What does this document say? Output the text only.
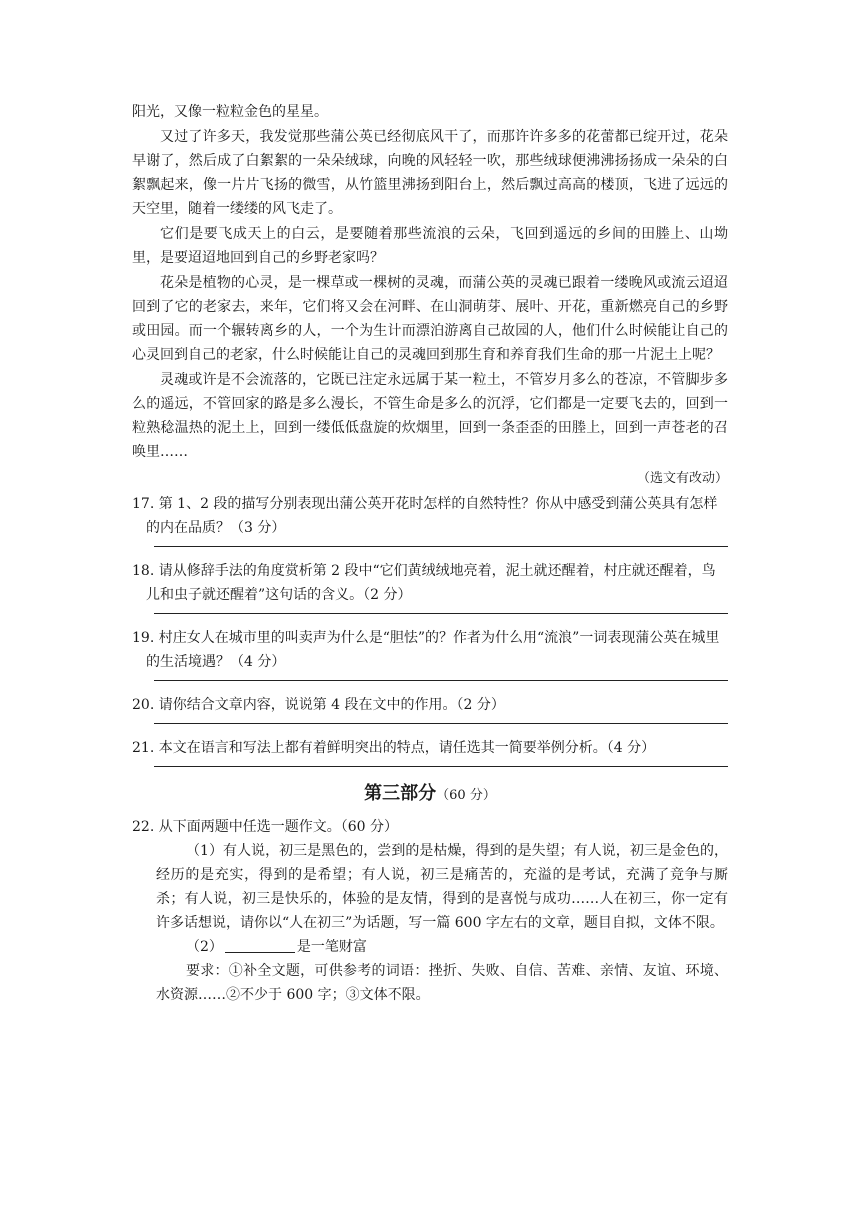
阳光，又像一粒粒金色的星星。

又过了许多天，我发觉那些蒲公英已经彻底风干了，而那许许多多的花蕾都已绽开过，花朵早谢了，然后成了白絮絮的一朵朵绒球，向晚的风轻轻一吹，那些绒球便沸沸扬扬成一朵朵的白絮飘起来，像一片片飞扬的微雪，从竹篮里沸扬到阳台上，然后飘过高高的楼顶，飞进了远远的天空里，随着一缕缕的风飞走了。

它们是要飞成天上的白云，是要随着那些流浪的云朵，飞回到遥远的乡间的田塍上、山坳里，是要迢迢地回到自己的乡野老家吗？

花朵是植物的心灵，是一棵草或一棵树的灵魂，而蒲公英的灵魂已跟着一缕晚风或流云迢迢回到了它的老家去，来年，它们将又会在河畔、在山洞萌芽、展叶、开花，重新燃亮自己的乡野或田园。而一个辗转离乡的人，一个为生计而漂泊游离自己故园的人，他们什么时候能让自己的心灵回到自己的老家，什么时候能让自己的灵魂回到那生育和养育我们生命的那一片泥土上呢？

灵魂或许是不会流落的，它既已注定永远属于某一粒土，不管岁月多么的苍凉，不管脚步多么的遥远，不管回家的路是多么漫长，不管生命是多么的沉浮，它们都是一定要飞去的，回到一粒熟稔温热的泥土上，回到一缕低低盘旋的炊烟里，回到一条歪歪的田塍上，回到一声苍老的召唤里……

（选文有改动）

17. 第 1、2 段的描写分别表现出蒲公英开花时怎样的自然特性？你从中感受到蒲公英具有怎样的内在品质？（3 分）

18. 请从修辞手法的角度赏析第 2 段中“它们黄绒绒地亮着，泥土就还醒着，村庄就还醒着，鸟儿和虫子就还醒着”这句话的含义。（2 分）

19. 村庄女人在城市里的叫卖声为什么是“胆怯”的？作者为什么用“流浪”一词表现蒲公英在城里的生活境遇？（4 分）

20. 请你结合文章内容，说说第 4 段在文中的作用。（2 分）

21. 本文在语言和写法上都有着鲜明突出的特点，请任选其一简要举例分析。（4 分）

第三部分（60 分）

22. 从下面两题中任选一题作文。（60 分）

（1）有人说，初三是黑色的，尝到的是枯燥，得到的是失望；有人说，初三是金色的，经历的是充实，得到的是希望；有人说，初三是痛苦的，充溢的是考试，充满了竞争与厮杀；有人说，初三是快乐的，体验的是友情，得到的是喜悦与成功……人在初三，你一定有许多话想说，请你以“人在初三”为话题，写一篇 600 字左右的文章，题目自拟，文体不限。

（2）	是一笔财富

要求：①补全文题，可供参考的词语：挫折、失败、自信、苦难、亲情、友谊、环境、水资源……②不少于 600 字；③文体不限。
